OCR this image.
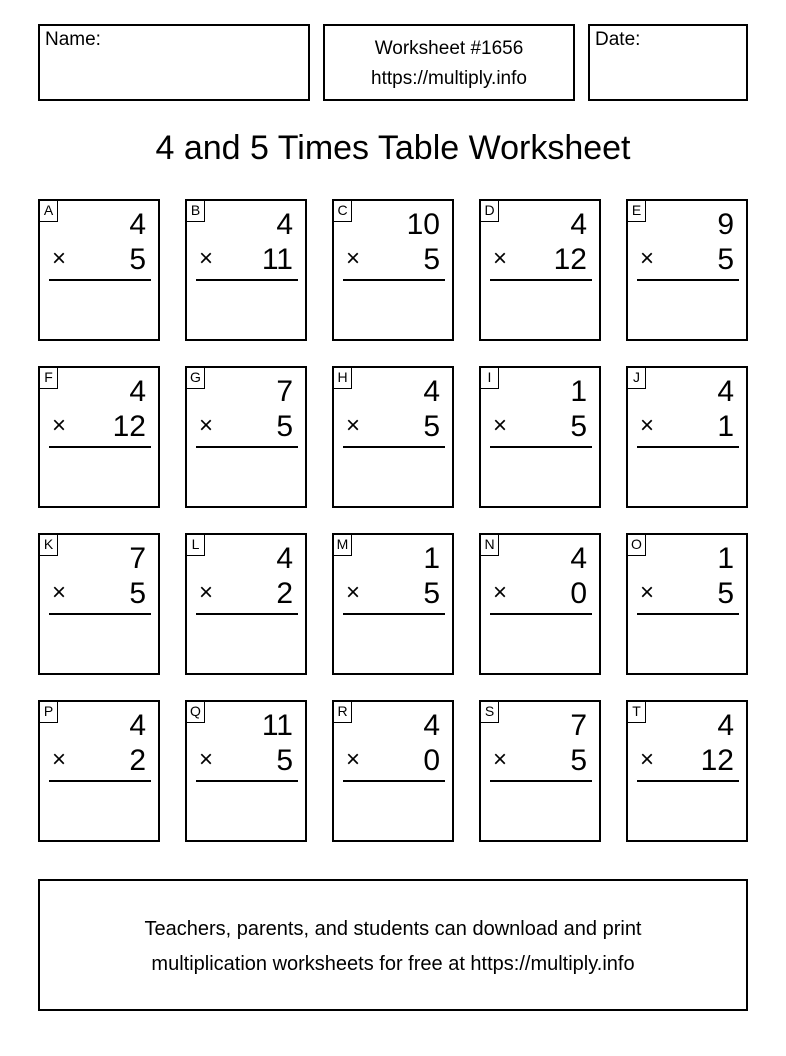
Name:	Worksheet #1656
https://multiply.info
Date:
4 and 5 Times Table Worksheet
A	4
× 5
B	4
× 11
C 10
× 5
D	4
× 12
E	9
× 5
F	4
× 12
G	7
× 5
H	4
× 5
I	1
× 5
J	4
× 1
K	7
× 5
L	4
× 2
M 1
× 5
N	4
× 0
O	1
× 5
P	4
× 2
Q 11
× 5
R	4
× 0
S	7
× 5
T	4
× 12
Teachers, parents, and students can download and print
multiplication worksheets for free at https://multiply.info
